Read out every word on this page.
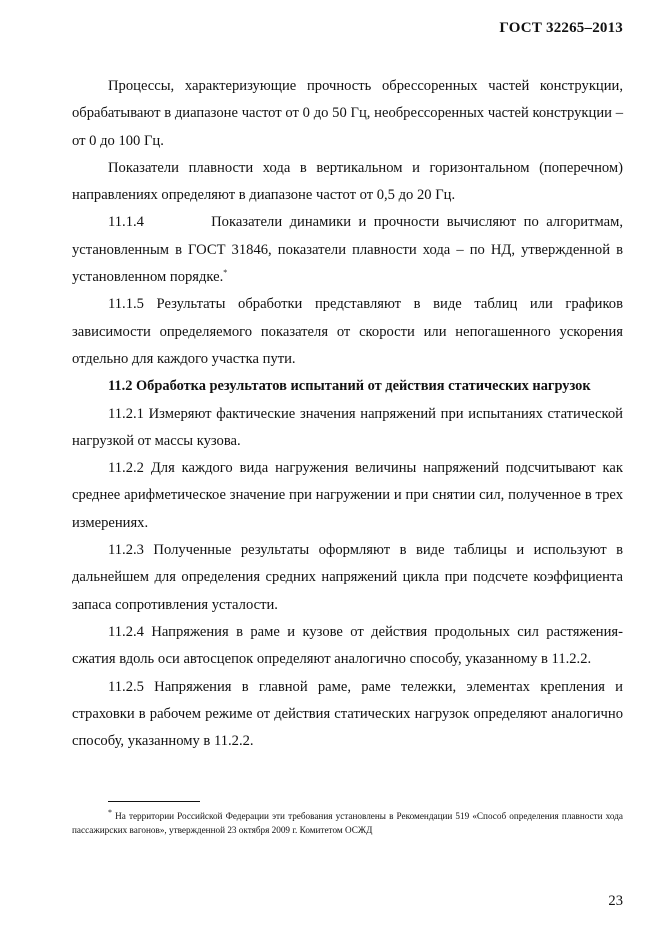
ГОСТ 32265–2013

Процессы, характеризующие прочность обрессоренных частей конструкции, обрабатывают в диапазоне частот от 0 до 50 Гц, необрессоренных частей конструкции – от 0 до 100 Гц.

Показатели плавности хода в вертикальном и горизонтальном (поперечном) направлениях определяют в диапазоне частот от 0,5 до 20 Гц.

11.1.4         Показатели динамики и прочности вычисляют по алгоритмам, установленным в ГОСТ 31846, показатели плавности хода – по НД, утвержденной в установленном порядке.*

11.1.5 Результаты обработки представляют в виде таблиц или графиков зависимости определяемого показателя от скорости или непогашенного ускорения отдельно для каждого участка пути.

11.2 Обработка результатов испытаний от действия статических нагрузок

11.2.1 Измеряют фактические значения напряжений при испытаниях статической нагрузкой от массы кузова.

11.2.2 Для каждого вида нагружения величины напряжений подсчитывают как среднее арифметическое значение при нагружении и при снятии сил, полученное в трех измерениях.

11.2.3 Полученные результаты оформляют в виде таблицы и используют в дальнейшем для определения средних напряжений цикла при подсчете коэффициента запаса сопротивления усталости.

11.2.4 Напряжения в раме и кузове от действия продольных сил растяжения-сжатия вдоль оси автосцепок определяют аналогично способу, указанному в 11.2.2.

11.2.5 Напряжения в главной раме, раме тележки, элементах крепления и страховки в рабочем режиме от действия статических нагрузок определяют аналогично способу, указанному в 11.2.2.

* На территории Российской Федерации эти требования установлены в Рекомендации 519 «Способ определения плавности хода пассажирских вагонов», утвержденной 23 октября 2009 г. Комитетом ОСЖД

23
